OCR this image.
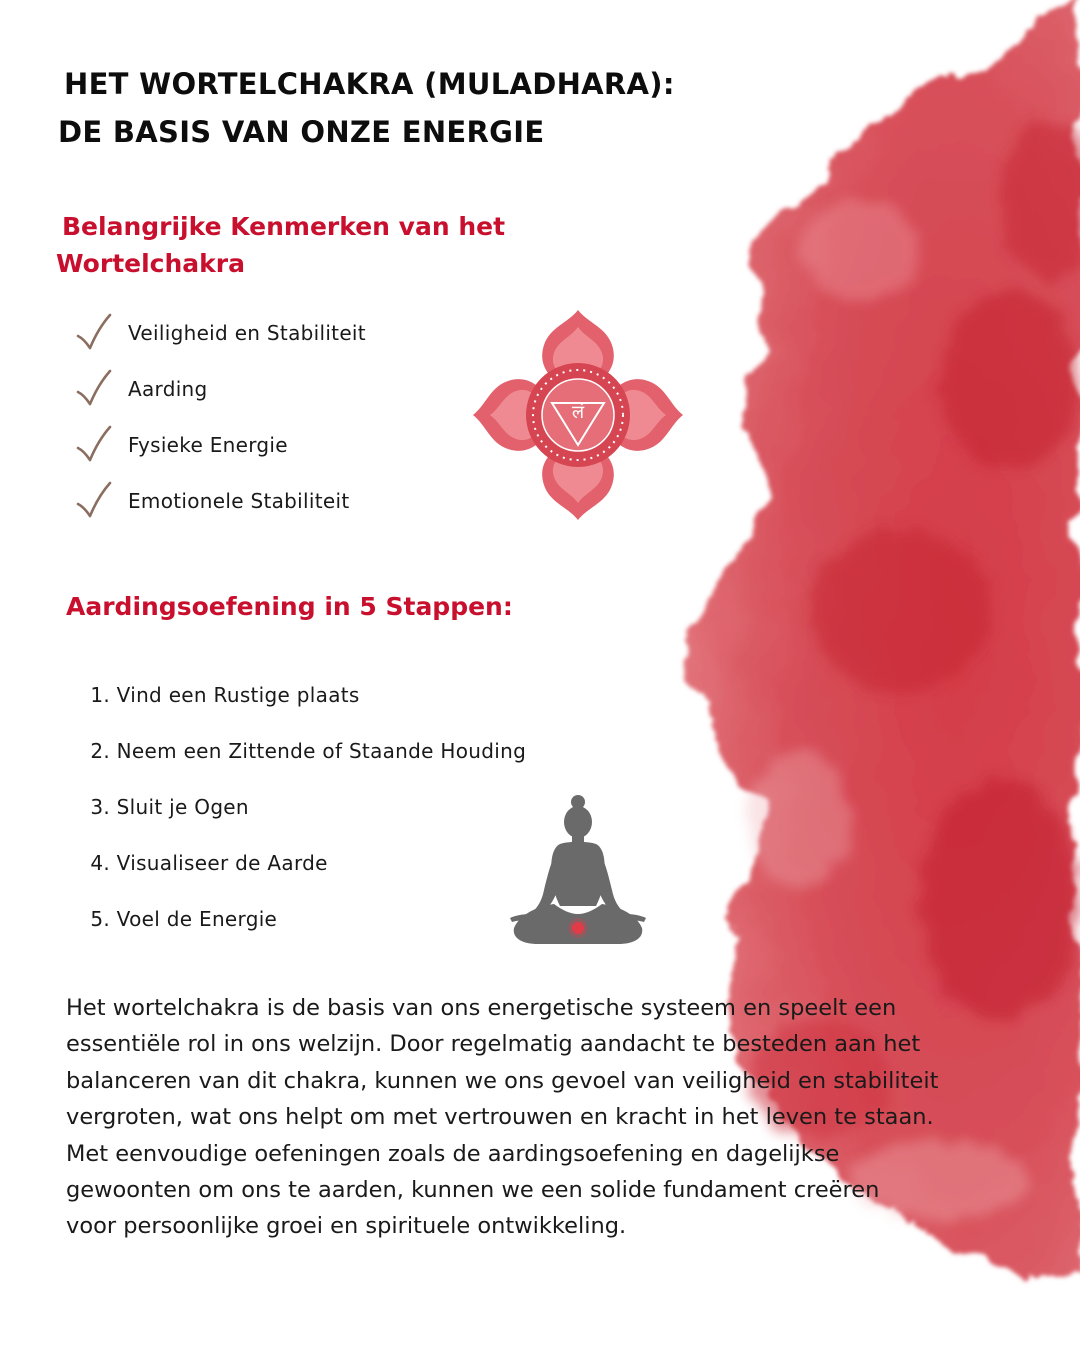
HET WORTELCHAKRA (MULADHARA):
DE BASIS VAN ONZE ENERGIE
Belangrijke Kenmerken van het
Wortelchakra
Veiligheid en Stabiliteit
Aarding
Fysieke Energie
Emotionele Stabiliteit
लं
Aardingsoefening in 5 Stappen:
1.
Vind een Rustige plaats
2.
Neem een Zittende of Staande Houding
3.
Sluit je Ogen
4.
Visualiseer de Aarde
5.
Voel de Energie

Het wortelchakra is de basis van ons energetische systeem en speelt een
essentiële rol in ons welzijn. Door regelmatig aandacht te besteden aan het
balanceren van dit chakra, kunnen we ons gevoel van veiligheid en stabiliteit
vergroten, wat ons helpt om met vertrouwen en kracht in het leven te staan.
Met eenvoudige oefeningen zoals de aardingsoefening en dagelijkse
gewoonten om ons te aarden, kunnen we een solide fundament creëren
voor persoonlijke groei en spirituele ontwikkeling.
